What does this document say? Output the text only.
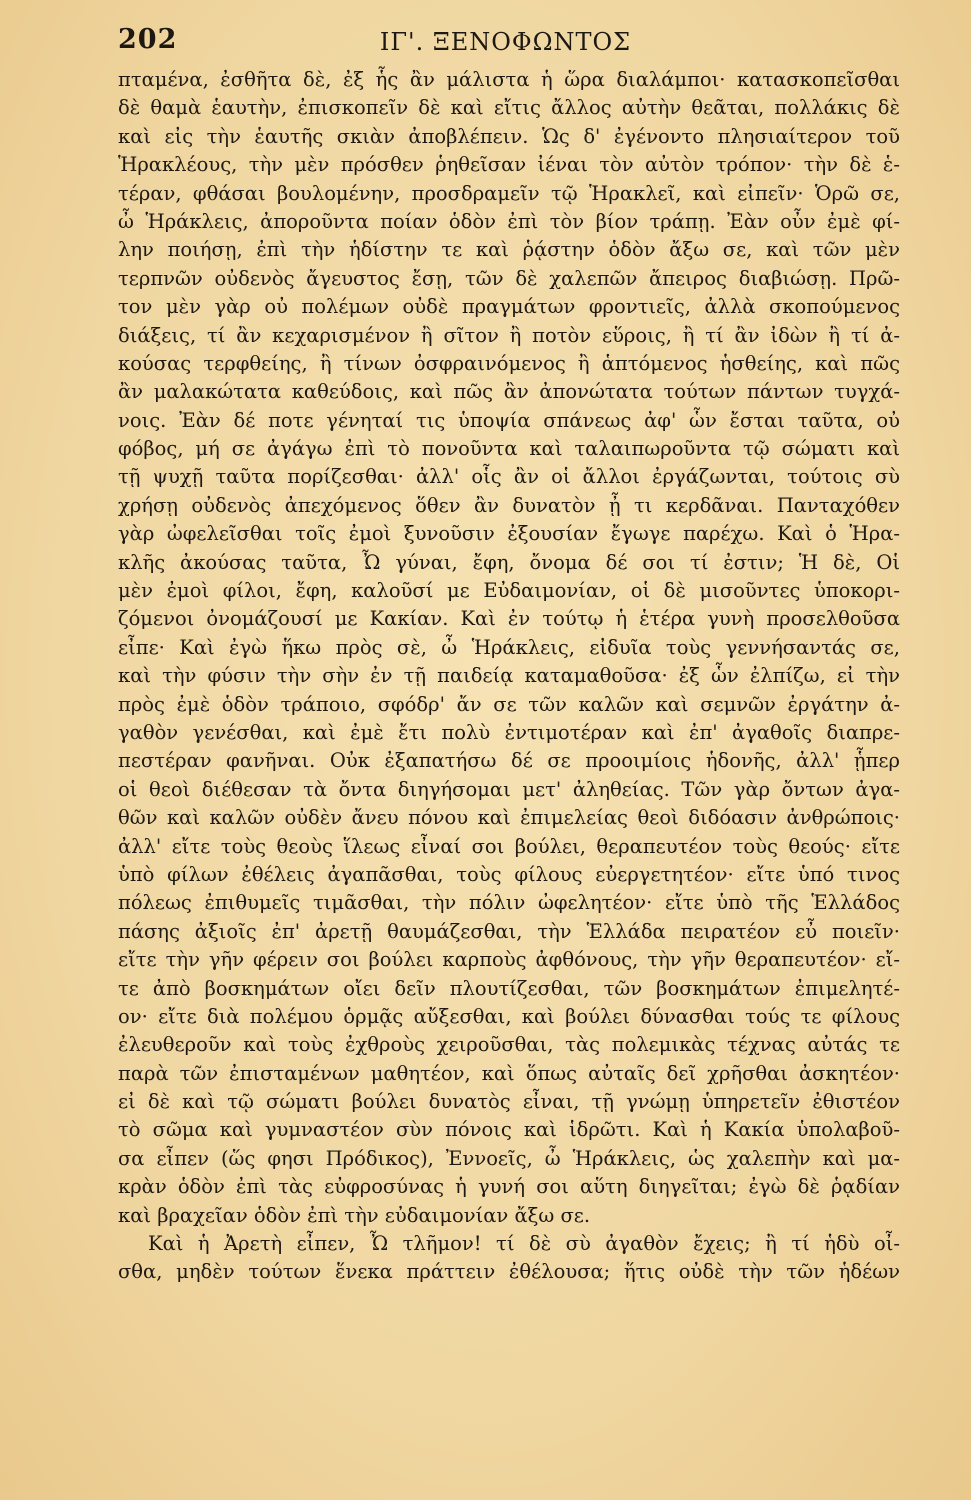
202	ΙΓ'. ΞΕΝΟΦΩΝΤΟΣ
πταμένα, ἐσθῆτα δὲ, ἐξ ἧς ἂν μάλιστα ἡ ὥρα διαλάμποι· κατασκοπεῖσθαι
δὲ θαμὰ ἑαυτὴν, ἐπισκοπεῖν δὲ καὶ εἴτις ἄλλος αὐτὴν θεᾶται, πολλάκις δὲ
καὶ εἰς τὴν ἑαυτῆς σκιὰν ἀποβλέπειν. Ὡς δ' ἐγένοντο πλησιαίτερον τοῦ
Ἡρακλέους, τὴν μὲν πρόσθεν ῥηθεῖσαν ἰέναι τὸν αὐτὸν τρόπον· τὴν δὲ ἑ-
τέραν, φθάσαι βουλομένην, προσδραμεῖν τῷ Ἡρακλεῖ, καὶ εἰπεῖν· Ὁρῶ σε,
ὦ Ἡράκλεις, ἀποροῦντα ποίαν ὁδὸν ἐπὶ τὸν βίον τράπῃ. Ἐὰν οὖν ἐμὲ φί-
λην ποιήσῃ, ἐπὶ τὴν ἡδίστην τε καὶ ῥᾴστην ὁδὸν ἄξω σε, καὶ τῶν μὲν
τερπνῶν οὐδενὸς ἄγευστος ἔσῃ, τῶν δὲ χαλεπῶν ἄπειρος διαβιώσῃ. Πρῶ-
τον μὲν γὰρ οὐ πολέμων οὐδὲ πραγμάτων φροντιεῖς, ἀλλὰ σκοπούμενος
διάξεις, τί ἂν κεχαρισμένον ἢ σῖτον ἢ ποτὸν εὕροις, ἢ τί ἂν ἰδὼν ἢ τί ἀ-
κούσας τερφθείης, ἢ τίνων ὀσφραινόμενος ἢ ἁπτόμενος ἡσθείης, καὶ πῶς
ἂν μαλακώτατα καθεύδοις, καὶ πῶς ἂν ἀπονώτατα τούτων πάντων τυγχά-
νοις. Ἐὰν δέ ποτε γένηταί τις ὑποψία σπάνεως ἀφ' ὧν ἔσται ταῦτα, οὐ
φόβος, μή σε ἀγάγω ἐπὶ τὸ πονοῦντα καὶ ταλαιπωροῦντα τῷ σώματι καὶ
τῇ ψυχῇ ταῦτα πορίζεσθαι· ἀλλ' οἷς ἂν οἱ ἄλλοι ἐργάζωνται, τούτοις σὺ
χρήσῃ οὐδενὸς ἀπεχόμενος ὅθεν ἂν δυνατὸν ᾖ τι κερδᾶναι. Πανταχόθεν
γὰρ ὠφελεῖσθαι τοῖς ἐμοὶ ξυνοῦσιν ἐξουσίαν ἔγωγε παρέχω. Καὶ ὁ Ἡρα-
κλῆς ἀκούσας ταῦτα, Ὦ γύναι, ἔφη, ὄνομα δέ σοι τί ἐστιν; Ἡ δὲ, Οἱ
μὲν ἐμοὶ φίλοι, ἔφη, καλοῦσί με Εὐδαιμονίαν, οἱ δὲ μισοῦντες ὑποκορι-
ζόμενοι ὀνομάζουσί με Κακίαν. Καὶ ἐν τούτῳ ἡ ἑτέρα γυνὴ προσελθοῦσα
εἶπε· Καὶ ἐγὼ ἥκω πρὸς σὲ, ὦ Ἡράκλεις, εἰδυῖα τοὺς γεννήσαντάς σε,
καὶ τὴν φύσιν τὴν σὴν ἐν τῇ παιδείᾳ καταμαθοῦσα· ἐξ ὧν ἐλπίζω, εἰ τὴν
πρὸς ἐμὲ ὁδὸν τράποιο, σφόδρ' ἄν σε τῶν καλῶν καὶ σεμνῶν ἐργάτην ἀ-
γαθὸν γενέσθαι, καὶ ἐμὲ ἔτι πολὺ ἐντιμοτέραν καὶ ἐπ' ἀγαθοῖς διαπρε-
πεστέραν φανῆναι. Οὐκ ἐξαπατήσω δέ σε προοιμίοις ἡδονῆς, ἀλλ' ᾗπερ
οἱ θεοὶ διέθεσαν τὰ ὄντα διηγήσομαι μετ' ἀληθείας. Τῶν γὰρ ὄντων ἀγα-
θῶν καὶ καλῶν οὐδὲν ἄνευ πόνου καὶ ἐπιμελείας θεοὶ διδόασιν ἀνθρώποις·
ἀλλ' εἴτε τοὺς θεοὺς ἵλεως εἶναί σοι βούλει, θεραπευτέον τοὺς θεούς· εἴτε
ὑπὸ φίλων ἐθέλεις ἀγαπᾶσθαι, τοὺς φίλους εὐεργετητέον· εἴτε ὑπό τινος
πόλεως ἐπιθυμεῖς τιμᾶσθαι, τὴν πόλιν ὠφελητέον· εἴτε ὑπὸ τῆς Ἑλλάδος
πάσης ἀξιοῖς ἐπ' ἀρετῇ θαυμάζεσθαι, τὴν Ἑλλάδα πειρατέον εὖ ποιεῖν·
εἴτε τὴν γῆν φέρειν σοι βούλει καρποὺς ἀφθόνους, τὴν γῆν θεραπευτέον· εἴ-
τε ἀπὸ βοσκημάτων οἴει δεῖν πλουτίζεσθαι, τῶν βοσκημάτων ἐπιμελητέ-
ον· εἴτε διὰ πολέμου ὁρμᾷς αὔξεσθαι, καὶ βούλει δύνασθαι τούς τε φίλους
ἐλευθεροῦν καὶ τοὺς ἐχθροὺς χειροῦσθαι, τὰς πολεμικὰς τέχνας αὐτάς τε
παρὰ τῶν ἐπισταμένων μαθητέον, καὶ ὅπως αὐταῖς δεῖ χρῆσθαι ἀσκητέον·
εἰ δὲ καὶ τῷ σώματι βούλει δυνατὸς εἶναι, τῇ γνώμῃ ὑπηρετεῖν ἐθιστέον
τὸ σῶμα καὶ γυμναστέον σὺν πόνοις καὶ ἱδρῶτι. Καὶ ἡ Κακία ὑπολαβοῦ-
σα εἶπεν (ὥς φησι Πρόδικος), Ἐννοεῖς, ὦ Ἡράκλεις, ὡς χαλεπὴν καὶ μα-
κρὰν ὁδὸν ἐπὶ τὰς εὐφροσύνας ἡ γυνή σοι αὕτη διηγεῖται; ἐγὼ δὲ ῥᾳδίαν
καὶ βραχεῖαν ὁδὸν ἐπὶ τὴν εὐδαιμονίαν ἄξω σε.
Καὶ ἡ Ἀρετὴ εἶπεν, Ὦ τλῆμον! τί δὲ σὺ ἀγαθὸν ἔχεις; ἢ τί ἡδὺ οἶ-
σθα, μηδὲν τούτων ἕνεκα πράττειν ἐθέλουσα; ἥτις οὐδὲ τὴν τῶν ἡδέων
